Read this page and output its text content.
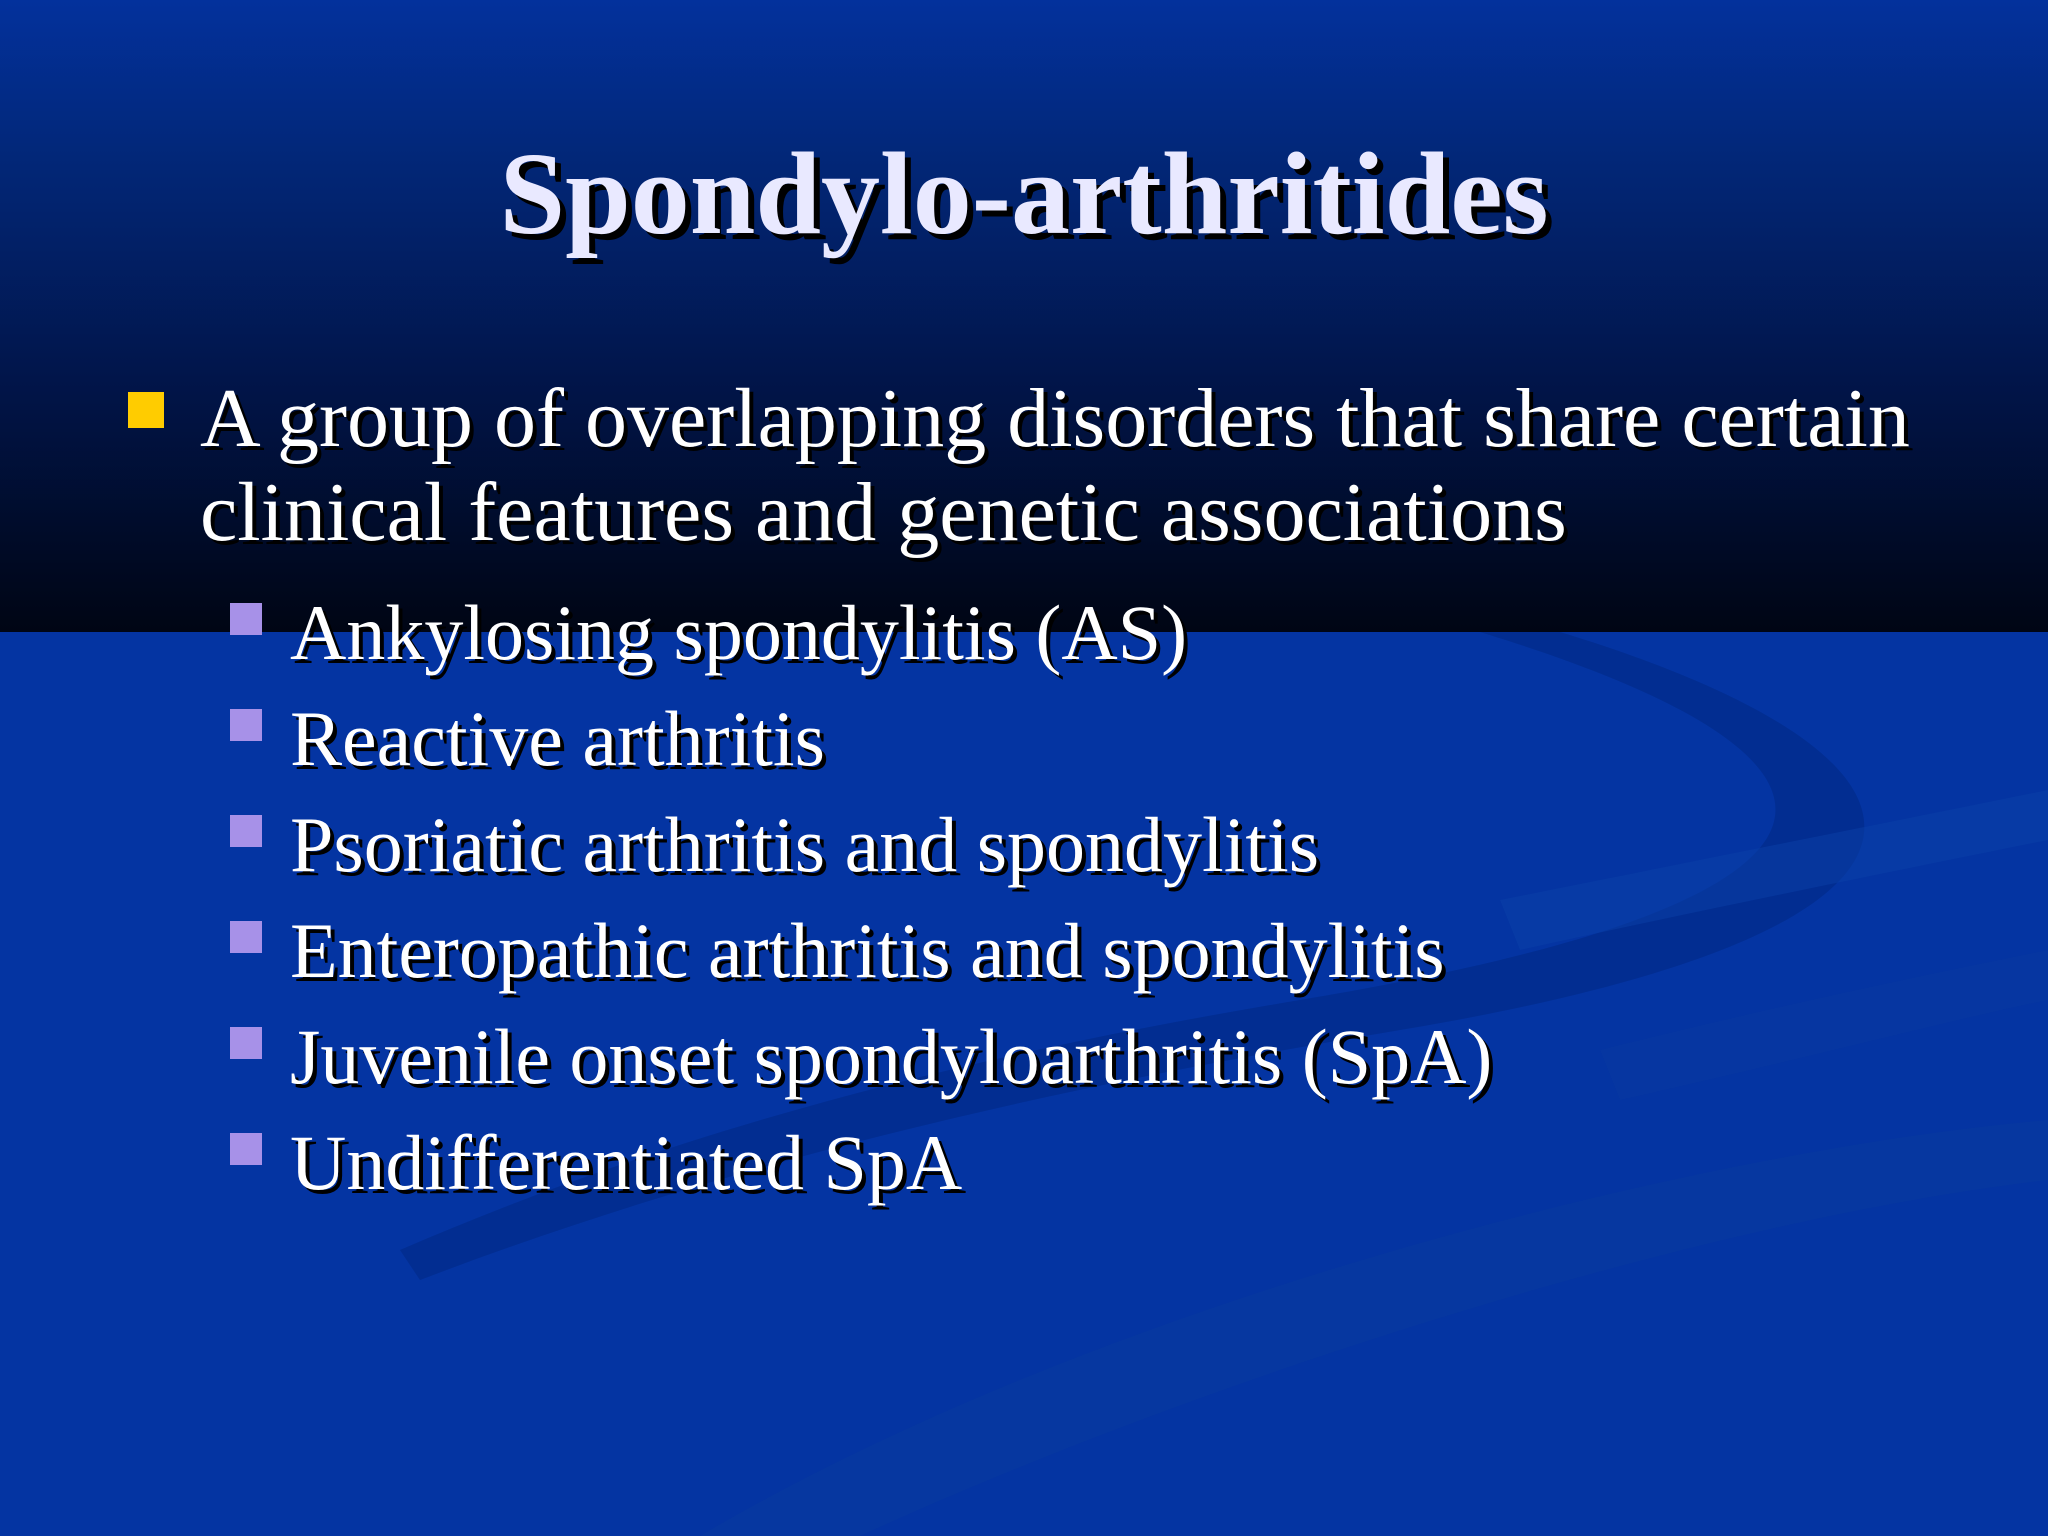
Spondylo-arthritides
A group of overlapping disorders that share certain clinical features and genetic associations
Ankylosing spondylitis (AS)
Reactive arthritis
Psoriatic arthritis and spondylitis
Enteropathic arthritis and spondylitis
Juvenile onset spondyloarthritis (SpA)
Undifferentiated SpA
